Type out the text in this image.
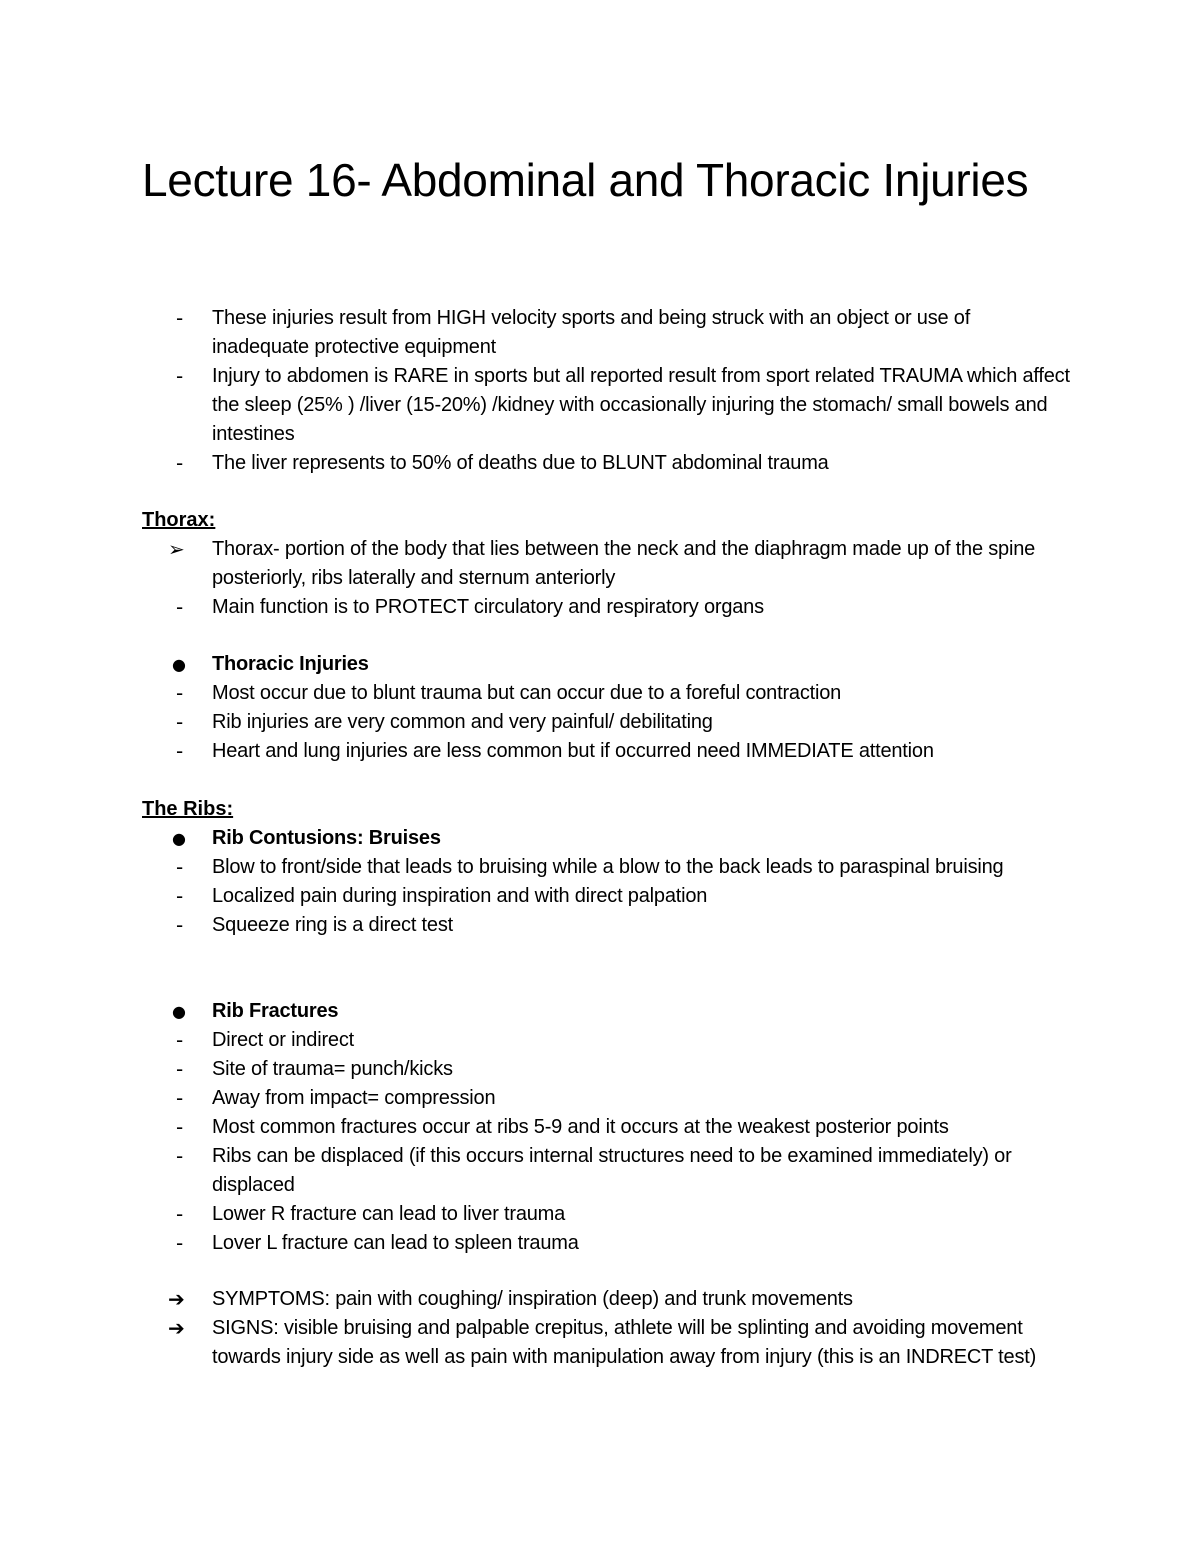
Lecture 16- Abdominal and Thoracic Injuries
-	These injuries result from HIGH velocity sports and being struck with an object or use of inadequate protective equipment
-	Injury to abdomen is RARE in sports but all reported result from sport related TRAUMA which affect the sleep (25% ) /liver (15-20%) /kidney with occasionally injuring the stomach/ small bowels and intestines
-	The liver represents to 50% of deaths due to BLUNT abdominal trauma

Thorax:

➢	Thorax- portion of the body that lies between the neck and the diaphragm made up of the spine posteriorly, ribs laterally and sternum anteriorly
-	Main function is to PROTECT circulatory and respiratory organs
●	Thoracic Injuries
-	Most occur due to blunt trauma but can occur due to a foreful contraction
-	Rib injuries are very common and very painful/ debilitating
-	Heart and lung injuries are less common but if occurred need IMMEDIATE attention

The Ribs:

●	Rib Contusions: Bruises
-	Blow to front/side that leads to bruising while a blow to the back leads to paraspinal bruising
-	Localized pain during inspiration and with direct palpation
-	Squeeze ring is a direct test
●	Rib Fractures
-	Direct or indirect
-	Site of trauma= punch/kicks
-	Away from impact= compression
-	Most common fractures occur at ribs 5-9 and it occurs at the weakest posterior points
-	Ribs can be displaced (if this occurs internal structures need to be examined immediately) or displaced
-	Lower R fracture can lead to liver trauma
-	Lover L fracture can lead to spleen trauma
➔	SYMPTOMS: pain with coughing/ inspiration (deep) and trunk movements
➔	SIGNS: visible bruising and palpable crepitus, athlete will be splinting and avoiding movement towards injury side as well as pain with manipulation away from injury (this is an INDRECT test)
